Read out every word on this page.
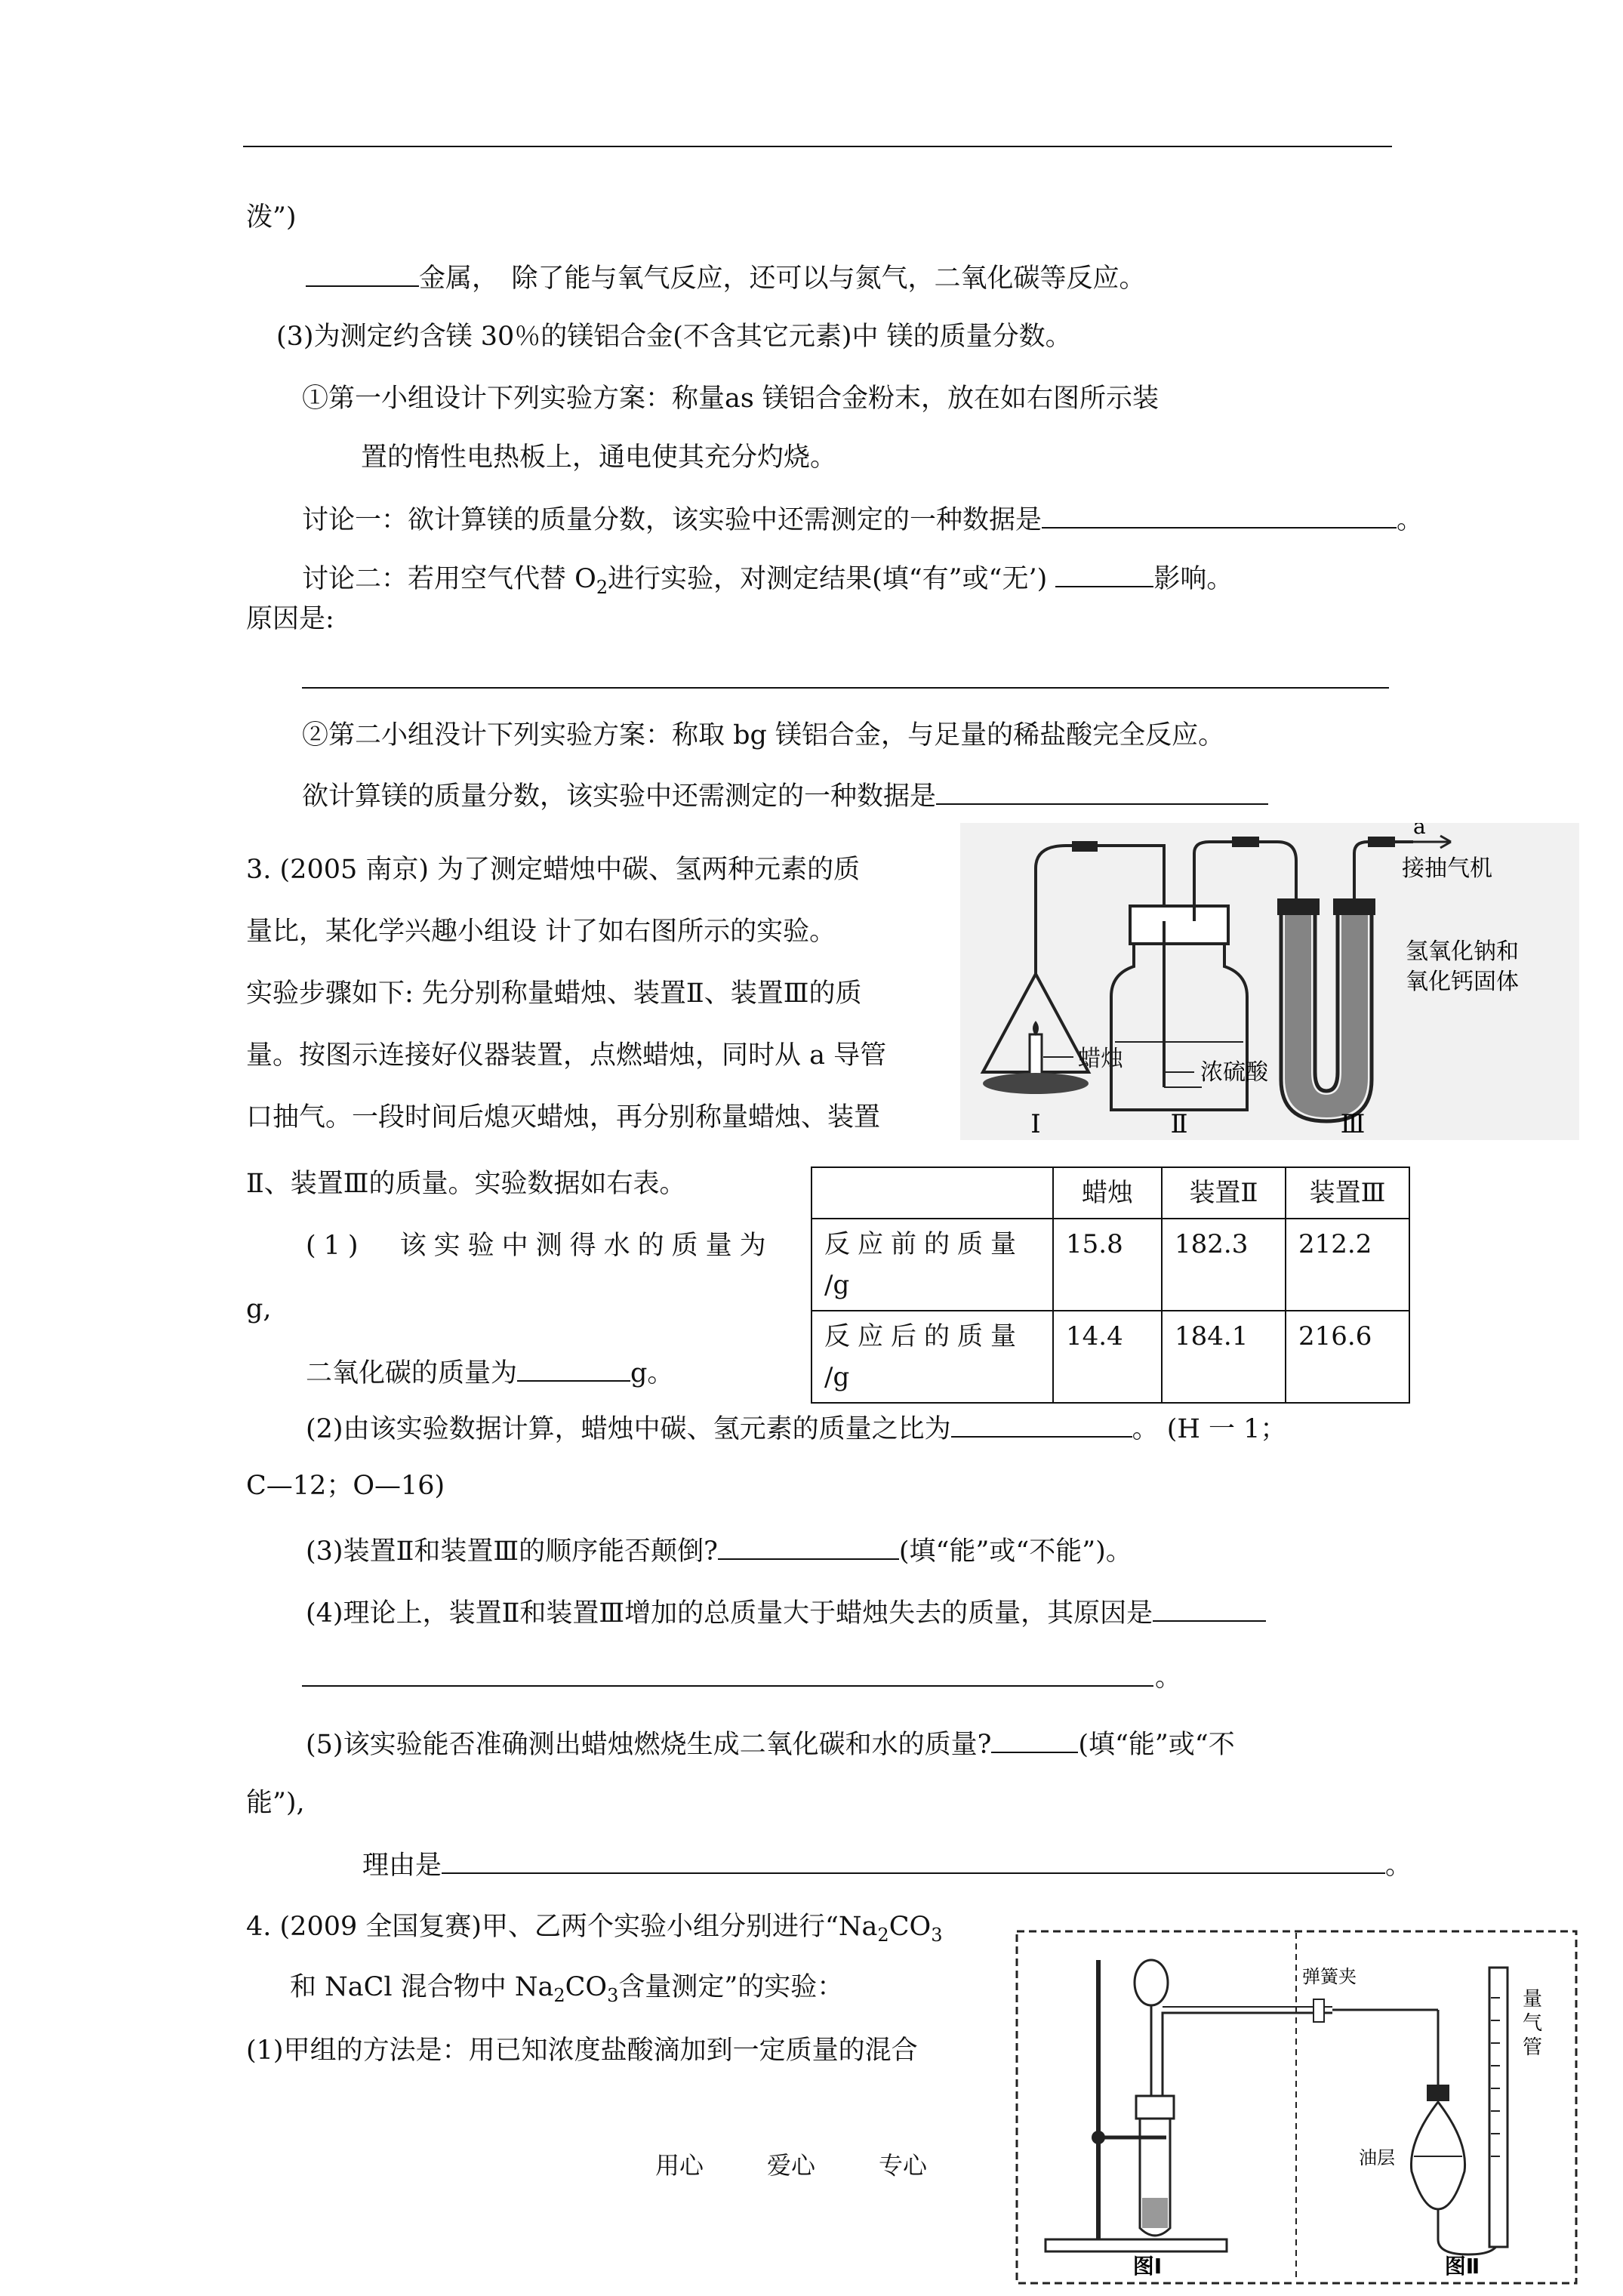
泼”)
金属，　除了能与氧气反应，还可以与氮气，二氧化碳等反应。
(3)为测定约含镁 30％的镁铝合金(不含其它元素)中 镁的质量分数。
①第一小组设计下列实验方案：称量as 镁铝合金粉末，放在如右图所示装
置的惰性电热板上，通电使其充分灼烧。
讨论一：欲计算镁的质量分数，该实验中还需测定的一种数据是	。
讨论二：若用空气代替 $O_2$进行实验，对测定结果(填“有”或“无’)	影响。
原因是:
②第二小组没计下列实验方案：称取 bg 镁铝合金，与足量的稀盐酸完全反应。
欲计算镁的质量分数，该实验中还需测定的一种数据是
3. (2005 南京) 为了测定蜡烛中碳、氢两种元素的质
量比，某化学兴趣小组设 计了如右图所示的实验。
实验步骤如下: 先分别称量蜡烛、装置Ⅱ、装置Ⅲ的质
量。按图示连接好仪器装置，点燃蜡烛，同时从 a 导管
口抽气。一段时间后熄灭蜡烛，再分别称量蜡烛、装置
Ⅱ、装置Ⅲ的质量。实验数据如右表。
蜡烛
Ⅰ
浓硫酸
Ⅱ
a
接抽气机
氢氧化钠和
氧化钙固体
Ⅲ
	蜡烛	装置Ⅱ	装置Ⅲ
反应前的质量
/g	15.8	182.3	212.2
反应后的质量
/g	14.4	184.1	216.6
(1)　该实验中测得水的质量为
g,
二氧化碳的质量为	g。
(2)由该实验数据计算，蜡烛中碳、氢元素的质量之比为	。 (H 一 1；
C—12；O—16)
(3)装置Ⅱ和装置Ⅲ的顺序能否颠倒?	(填“能”或“不能”)。
(4)理论上，装置Ⅱ和装置Ⅲ增加的总质量大于蜡烛失去的质量，其原因是
。
(5)该实验能否准确测出蜡烛燃烧生成二氧化碳和水的质量?	(填“能”或“不
能”),
理由是	。
4. (2009 全国复赛)甲、乙两个实验小组分别进行“$Na_2CO_3$
和 NaCl 混合物中 $Na_2CO_3$含量测定”的实验：
(1)甲组的方法是：用已知浓度盐酸滴加到一定质量的混合
弹簧夹
油层
量
气
管
图Ⅰ	图Ⅱ
用心	爱心	专心
